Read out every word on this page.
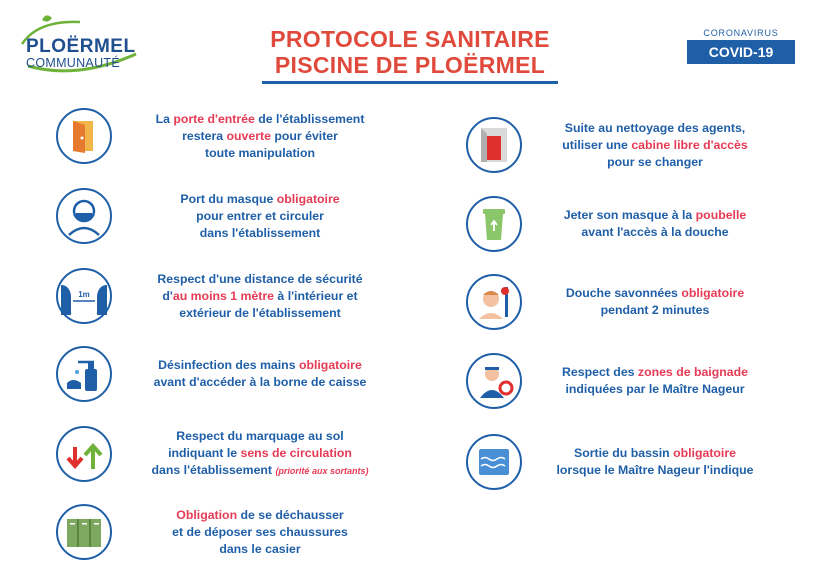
PLOËRMEL
COMMUNAUTÉ
PROTOCOLE SANITAIRE
PISCINE DE PLOËRMEL
CORONAVIRUS
COVID-19
La porte d'entrée de l'établissement
restera ouverte pour éviter
toute manipulation
Port du masque obligatoire
pour entrer et circuler
dans l'établissement
1m
Respect d'une distance de sécurité
d'au moins 1 mètre à l'intérieur et
extérieur de l'établissement
Désinfection des mains obligatoire
avant d'accéder à la borne de caisse
Respect du marquage au sol
indiquant le sens de circulation
dans l'établissement (priorité aux sortants)
Obligation de se déchausser
et de déposer ses chaussures
dans le casier
Suite au nettoyage des agents,
utiliser une cabine libre d'accès
pour se changer
Jeter son masque à la poubelle
avant l'accès à la douche
Douche savonnées obligatoire
pendant 2 minutes
Respect des zones de baignade
indiquées par le Maître Nageur
Sortie du bassin obligatoire
lorsque le Maître Nageur l'indique
